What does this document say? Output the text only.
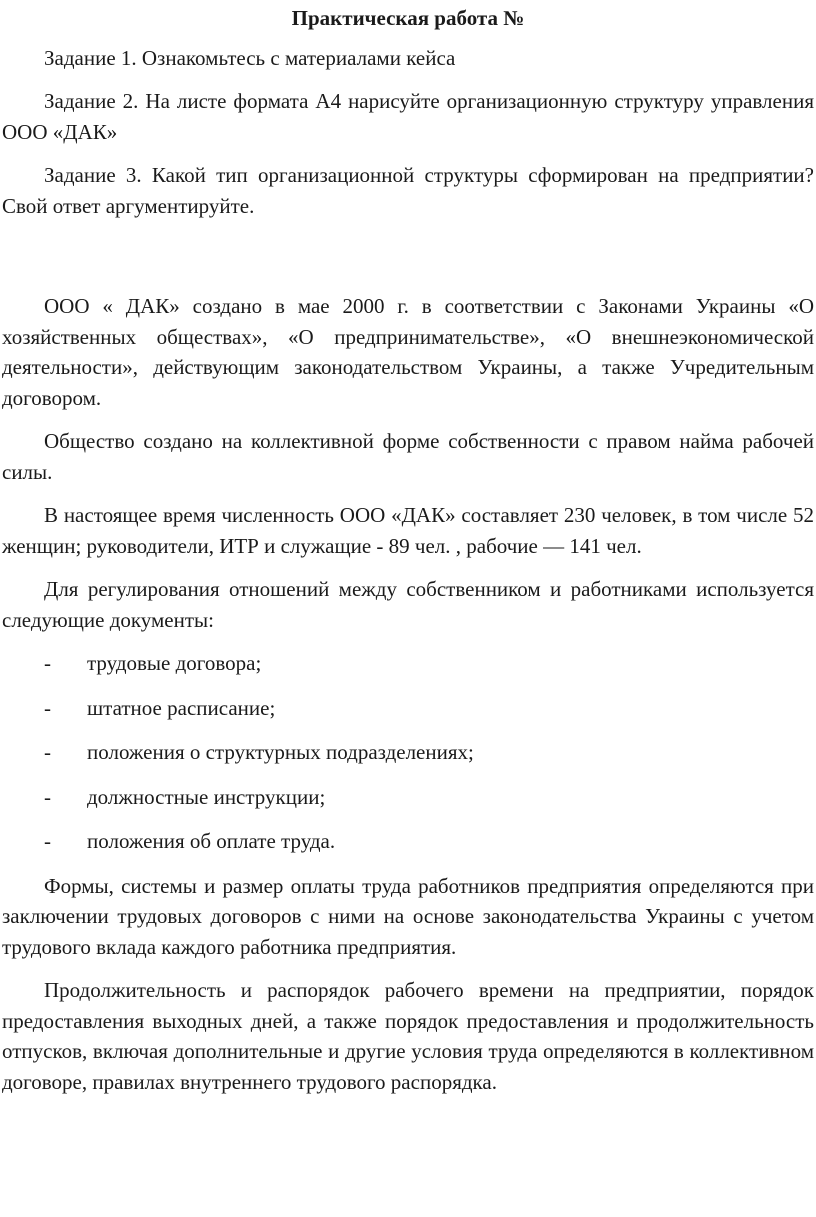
Практическая работа №

Задание 1. Ознакомьтесь с материалами кейса

Задание 2. На листе формата А4 нарисуйте организационную структуру управления ООО «ДАК»

Задание 3. Какой тип организационной структуры сформирован на предприятии? Свой ответ аргументируйте.

ООО « ДАК» создано в мае 2000 г. в соответствии с Законами Украины «О хозяйственных обществах», «О предпринимательстве», «О внешнеэкономической деятельности», действующим законодательством Украины, а также Учредительным договором.

Общество создано на коллективной форме собственности с правом найма рабочей силы.

В настоящее время численность ООО «ДАК» составляет 230 человек, в том числе 52 женщин; руководители, ИТР и служащие - 89 чел. , рабочие — 141 чел.

Для регулирования отношений между собственником и работниками используется следующие документы:

- трудовые договора;
- штатное расписание;
- положения о структурных подразделениях;
- должностные инструкции;
- положения об оплате труда.

Формы, системы и размер оплаты труда работников предприятия определяются при заключении трудовых договоров с ними на основе законодательства Украины с учетом трудового вклада каждого работника предприятия.

Продолжительность и распорядок рабочего времени на предприятии, порядок предоставления выходных дней, а также порядок предоставления и продолжительность отпусков, включая дополнительные и другие условия труда определяются в коллективном договоре, правилах внутреннего трудового распорядка.
